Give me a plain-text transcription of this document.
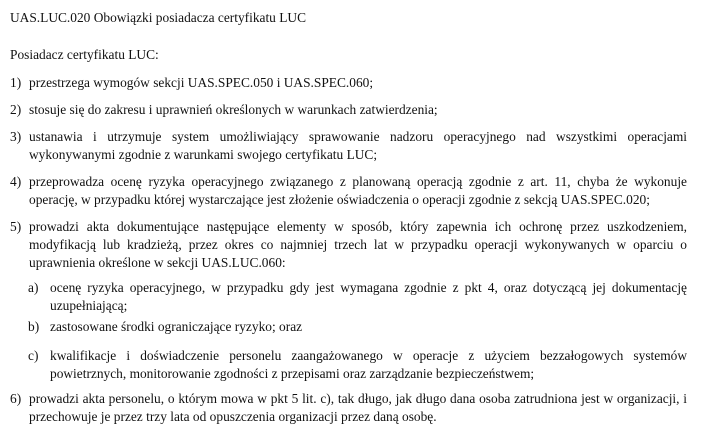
UAS.LUC.020 Obowiązki posiadacza certyfikatu LUC
Posiadacz certyfikatu LUC:
1) przestrzega wymogów sekcji UAS.SPEC.050 i UAS.SPEC.060;
2) stosuje się do zakresu i uprawnień określonych w warunkach zatwierdzenia;
3) ustanawia i utrzymuje system umożliwiający sprawowanie nadzoru operacyjnego nad wszystkimi operacjami wykonywanymi zgodnie z warunkami swojego certyfikatu LUC;
4) przeprowadza ocenę ryzyka operacyjnego związanego z planowaną operacją zgodnie z art. 11, chyba że wykonuje operację, w przypadku której wystarczające jest złożenie oświadczenia o operacji zgodnie z sekcją UAS.SPEC.020;
5) prowadzi akta dokumentujące następujące elementy w sposób, który zapewnia ich ochronę przez uszkodzeniem, modyfikacją lub kradzieżą, przez okres co najmniej trzech lat w przypadku operacji wykonywanych w oparciu o uprawnienia określone w sekcji UAS.LUC.060:
a) ocenę ryzyka operacyjnego, w przypadku gdy jest wymagana zgodnie z pkt 4, oraz dotyczącą jej dokumentację uzupełniającą;
b) zastosowane środki ograniczające ryzyko; oraz
c) kwalifikacje i doświadczenie personelu zaangażowanego w operacje z użyciem bezzałogowych systemów powietrznych, monitorowanie zgodności z przepisami oraz zarządzanie bezpieczeństwem;
6) prowadzi akta personelu, o którym mowa w pkt 5 lit. c), tak długo, jak długo dana osoba zatrudniona jest w organizacji, i przechowuje je przez trzy lata od opuszczenia organizacji przez daną osobę.
